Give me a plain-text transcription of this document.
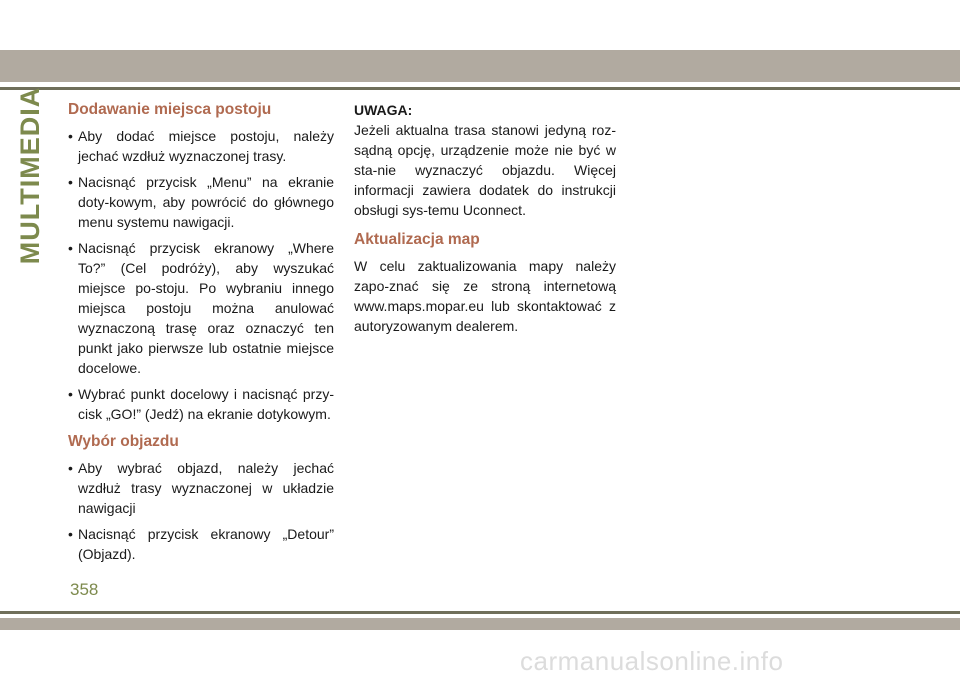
MULTIMEDIA Dodawanie miejsca postoju
• Aby dodać miejsce postoju, należy jechać wzdłuż wyznaczonej trasy.
• Nacisnąć przycisk „Menu” na ekranie doty-kowym, aby powrócić do głównego menu systemu nawigacji.
• Nacisnąć przycisk ekranowy „Where To?” (Cel podróży), aby wyszukać miejsce po-stoju. Po wybraniu innego miejsca postoju można anulować wyznaczoną trasę oraz oznaczyć ten punkt jako pierwsze lub ostatnie miejsce docelowe.
• Wybrać punkt docelowy i nacisnąć przy-cisk „GO!” (Jedź) na ekranie dotykowym.
Wybór objazdu
• Aby wybrać objazd, należy jechać wzdłuż trasy wyznaczonej w układzie nawigacji
• Nacisnąć przycisk ekranowy „Detour” (Objazd).
UWAGA:

Jeżeli aktualna trasa stanowi jedyną roz-sądną opcję, urządzenie może nie być w sta-nie wyznaczyć objazdu. Więcej informacji zawiera dodatek do instrukcji obsługi sys-temu Uconnect.

Aktualizacja map

W celu zaktualizowania mapy należy zapo-znać się ze stroną internetową www.maps.mopar.eu lub skontaktować z autoryzowanym dealerem.

358
carmanualsonline.info
